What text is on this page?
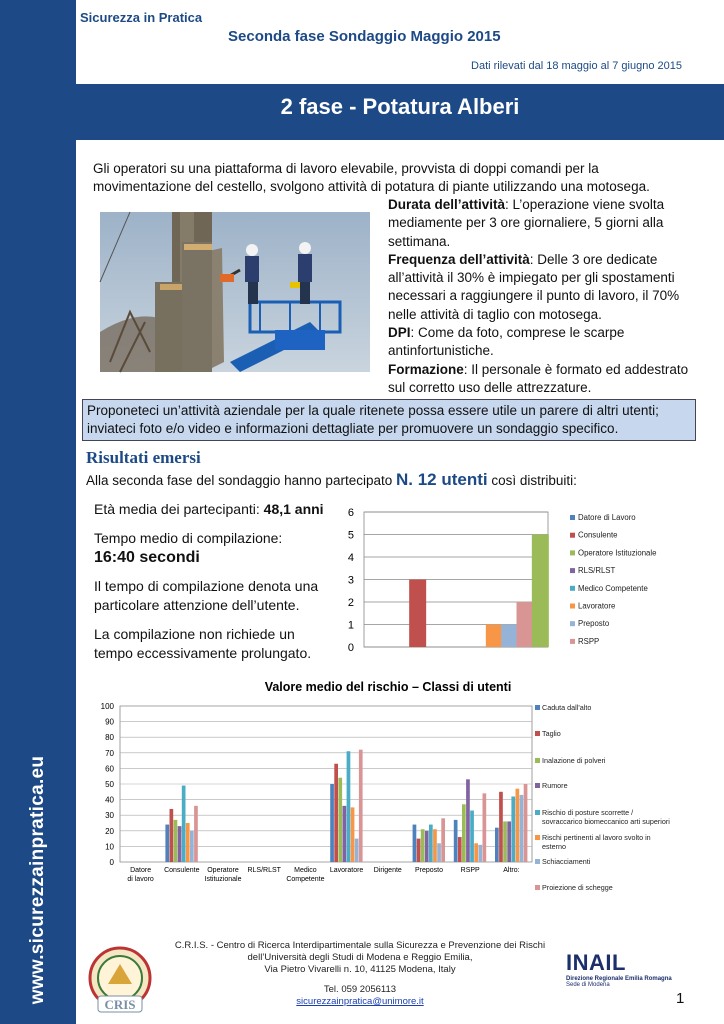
www.sicurezzainpratica.eu
Sicurezza in Pratica
Seconda fase Sondaggio Maggio 2015
Dati rilevati dal 18 maggio al 7 giugno 2015
2 fase - Potatura Alberi
Gli operatori su una piattaforma di lavoro elevabile, provvista di doppi comandi per la movimentazione del cestello, svolgono attività di potatura di piante utilizzando una motosega.

Durata dell’attività: L’operazione viene svolta mediamente per 3 ore giornaliere, 5 giorni alla settimana.

Frequenza dell’attività: Delle 3 ore dedicate all’attività il 30% è impiegato per gli spostamenti necessari a raggiungere il punto di lavoro, il 70% nelle attività di taglio con motosega.

DPI: Come da foto, comprese le scarpe antinfortunistiche.

Formazione: Il personale è formato ed addestrato sul corretto uso delle attrezzature.

Proponeteci un’attività aziendale per la quale ritenete possa essere utile un parere di altri utenti; inviateci foto e/o video e informazioni dettagliate per promuovere un sondaggio specifico.
Risultati emersi
Alla seconda fase del sondaggio hanno partecipato N. 12 utenti così distribuiti:

Età media dei partecipanti: 48,1 anni

Tempo medio di compilazione:
16:40 secondi

Il tempo di compilazione denota una particolare attenzione dell’utente.

La compilazione non richiede un tempo eccessivamente prolungato.	0
1
2
3
4
5
6	Datore di Lavoro
Consulente
Operatore Istituzionale
RLS/RLST
Medico Competente
Lavoratore
Preposto
RSPP
Valore medio del rischio – Classi di utenti
0
10
20
30
40
50
60
70
80
90
100
Datore
di lavoro
Consulente Operatore
Istituzionale
RLS/RLST Medico
Competente
Lavoratore Dirigente Preposto	RSPP	Altro:
Caduta dall'alto
Taglio
Inalazione di polveri
Rumore
Rischio di posture scorrette /
sovraccarico biomeccanico arti superiori
Rischi pertinenti al lavoro svolto in
esterno
Schiacciamenti
Proiezione di schegge
CRIS
C.R.I.S. - Centro di Ricerca Interdipartimentale sulla Sicurezza e Prevenzione dei Rischi
dell’Università degli Studi di Modena e Reggio Emilia,
Via Pietro Vivarelli n. 10, 41125 Modena, Italy
Tel. 059 2056113
sicurezzainpratica@unimore.it
INAIL
Direzione Regionale Emilia Romagna
Sede di Modena
1
